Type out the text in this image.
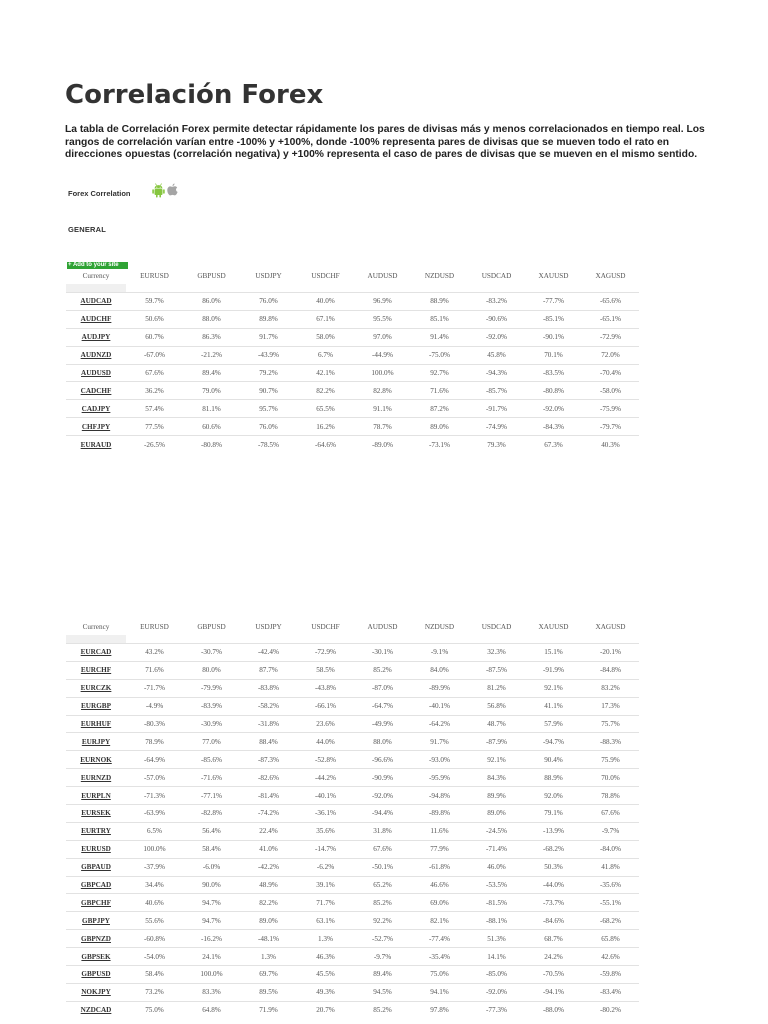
Correlación Forex

La tabla de Correlación Forex permite detectar rápidamente los pares de divisas más y menos correlacionados en tiempo real. Los rangos de correlación varían entre -100% y +100%, donde -100% representa pares de divisas que se mueven todo el rato en direcciones opuestas (correlación negativa) y +100% representa el caso de pares de divisas que se mueven en el mismo sentido.

Forex Correlation
GENERAL
+ Add to your site
Currency	EURUSD	GBPUSD	USDJPY	USDCHF	AUDUSD	NZDUSD	USDCAD	XAUUSD	XAGUSD

AUDCAD	59.7%	86.0%	76.0%	40.0%	96.9%	88.9%	-83.2%	-77.7%	-65.6%
AUDCHF	50.6%	88.0%	89.8%	67.1%	95.5%	85.1%	-90.6%	-85.1%	-65.1%
AUDJPY	60.7%	86.3%	91.7%	58.0%	97.0%	91.4%	-92.0%	-90.1%	-72.9%
AUDNZD	-67.0%	-21.2%	-43.9%	6.7%	-44.9%	-75.0%	45.8%	70.1%	72.0%
AUDUSD	67.6%	89.4%	79.2%	42.1%	100.0%	92.7%	-94.3%	-83.5%	-70.4%
CADCHF	36.2%	79.0%	90.7%	82.2%	82.8%	71.6%	-85.7%	-80.8%	-58.0%
CADJPY	57.4%	81.1%	95.7%	65.5%	91.1%	87.2%	-91.7%	-92.0%	-75.9%
CHFJPY	77.5%	60.6%	76.0%	16.2%	78.7%	89.0%	-74.9%	-84.3%	-79.7%
EURAUD	-26.5%	-80.8%	-78.5%	-64.6%	-89.0%	-73.1%	79.3%	67.3%	40.3%
Currency	EURUSD	GBPUSD	USDJPY	USDCHF	AUDUSD	NZDUSD	USDCAD	XAUUSD	XAGUSD

EURCAD	43.2%	-30.7%	-42.4%	-72.9%	-30.1%	-9.1%	32.3%	15.1%	-20.1%
EURCHF	71.6%	80.0%	87.7%	58.5%	85.2%	84.0%	-87.5%	-91.9%	-84.8%
EURCZK	-71.7%	-79.9%	-83.8%	-43.8%	-87.0%	-89.9%	81.2%	92.1%	83.2%
EURGBP	-4.9%	-83.9%	-58.2%	-66.1%	-64.7%	-40.1%	56.8%	41.1%	17.3%
EURHUF	-80.3%	-30.9%	-31.8%	23.6%	-49.9%	-64.2%	48.7%	57.9%	75.7%
EURJPY	78.9%	77.0%	88.4%	44.0%	88.0%	91.7%	-87.9%	-94.7%	-88.3%
EURNOK	-64.9%	-85.6%	-87.3%	-52.8%	-96.6%	-93.0%	92.1%	90.4%	75.9%
EURNZD	-57.0%	-71.6%	-82.6%	-44.2%	-90.9%	-95.9%	84.3%	88.9%	70.0%
EURPLN	-71.3%	-77.1%	-81.4%	-40.1%	-92.0%	-94.8%	89.9%	92.0%	78.8%
EURSEK	-63.9%	-82.8%	-74.2%	-36.1%	-94.4%	-89.8%	89.0%	79.1%	67.6%
EURTRY	6.5%	56.4%	22.4%	35.6%	31.8%	11.6%	-24.5%	-13.9%	-9.7%
EURUSD	100.0%	58.4%	41.0%	-14.7%	67.6%	77.9%	-71.4%	-68.2%	-84.0%
GBPAUD	-37.9%	-6.0%	-42.2%	-6.2%	-50.1%	-61.8%	46.0%	50.3%	41.8%
GBPCAD	34.4%	90.0%	48.9%	39.1%	65.2%	46.6%	-53.5%	-44.0%	-35.6%
GBPCHF	40.6%	94.7%	82.2%	71.7%	85.2%	69.0%	-81.5%	-73.7%	-55.1%
GBPJPY	55.6%	94.7%	89.0%	63.1%	92.2%	82.1%	-88.1%	-84.6%	-68.2%
GBPNZD	-60.8%	-16.2%	-48.1%	1.3%	-52.7%	-77.4%	51.3%	68.7%	65.8%
GBPSEK	-54.0%	24.1%	1.3%	46.3%	-9.7%	-35.4%	14.1%	24.2%	42.6%
GBPUSD	58.4%	100.0%	69.7%	45.5%	89.4%	75.0%	-85.0%	-70.5%	-59.8%
NOKJPY	73.2%	83.3%	89.5%	49.3%	94.5%	94.1%	-92.0%	-94.1%	-83.4%
NZDCAD	75.0%	64.8%	71.9%	20.7%	85.2%	97.8%	-77.3%	-88.0%	-80.2%
